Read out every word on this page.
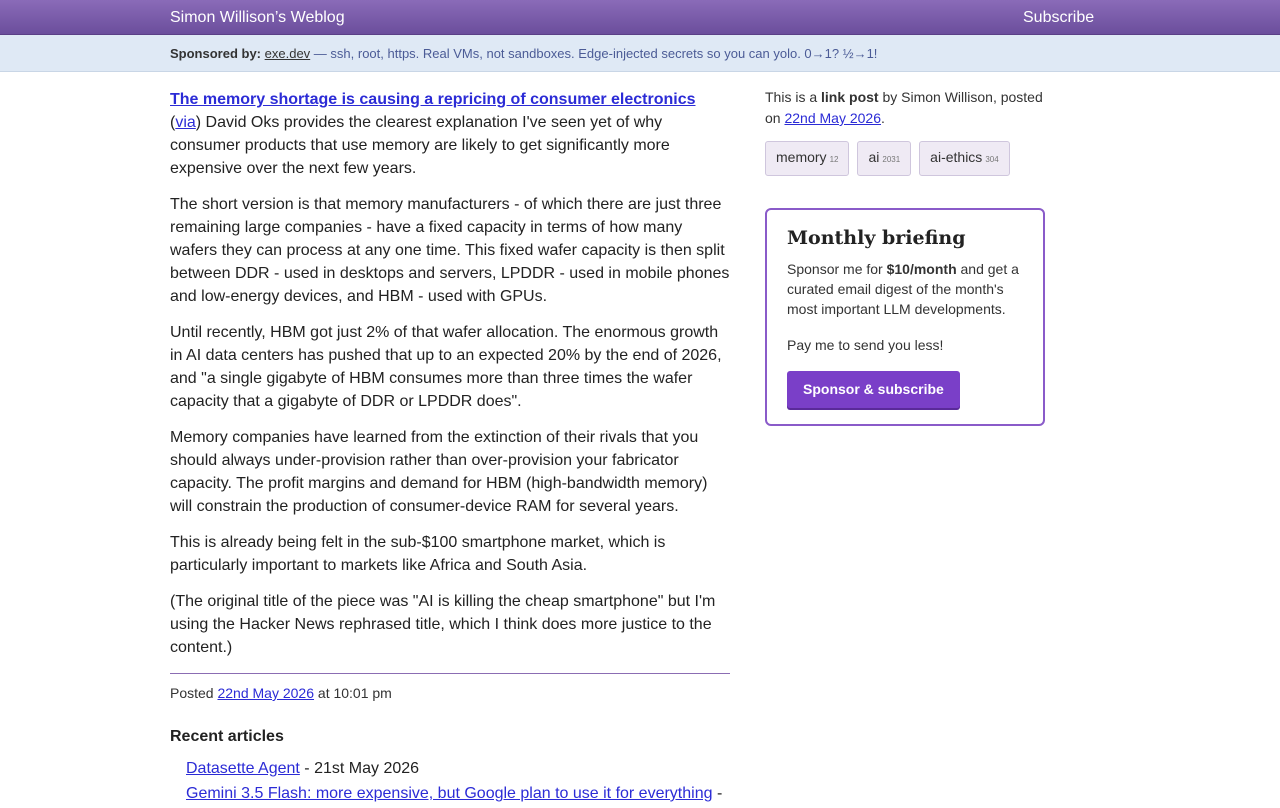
Simon Willison’s Weblog	Subscribe
Sponsored by: exe.dev — ssh, root, https. Real VMs, not sandboxes. Edge-injected secrets so you can yolo. 0→1? ½→1!

The memory shortage is causing a repricing of consumer electronics
(via) David Oks provides the clearest explanation I've seen yet of why consumer products that use memory are likely to get significantly more expensive over the next few years.

The short version is that memory manufacturers - of which there are just three remaining large companies - have a fixed capacity in terms of how many wafers they can process at any one time. This fixed wafer capacity is then split between DDR - used in desktops and servers, LPDDR - used in mobile phones and low-energy devices, and HBM - used with GPUs.

Until recently, HBM got just 2% of that wafer allocation. The enormous growth in AI data centers has pushed that up to an expected 20% by the end of 2026, and "a single gigabyte of HBM consumes more than three times the wafer capacity that a gigabyte of DDR or LPDDR does".

Memory companies have learned from the extinction of their rivals that you should always under-provision rather than over-provision your fabricator capacity. The profit margins and demand for HBM (high-bandwidth memory) will constrain the production of consumer-device RAM for several years.

This is already being felt in the sub-$100 smartphone market, which is particularly important to markets like Africa and South Asia.

(The original title of the piece was "AI is killing the cheap smartphone" but I'm using the Hacker News rephrased title, which I think does more justice to the content.)

Posted 22nd May 2026 at 10:01 pm
Recent articles
Datasette Agent - 21st May 2026
Gemini 3.5 Flash: more expensive, but Google plan to use it for everything -
This is a link post by Simon Willison, posted on 22nd May 2026.
memory 12	ai 2031	ai-ethics 304
Monthly briefing

Sponsor me for $10/month and get a curated email digest of the month's most important LLM developments.

Pay me to send you less!

Sponsor & subscribe
